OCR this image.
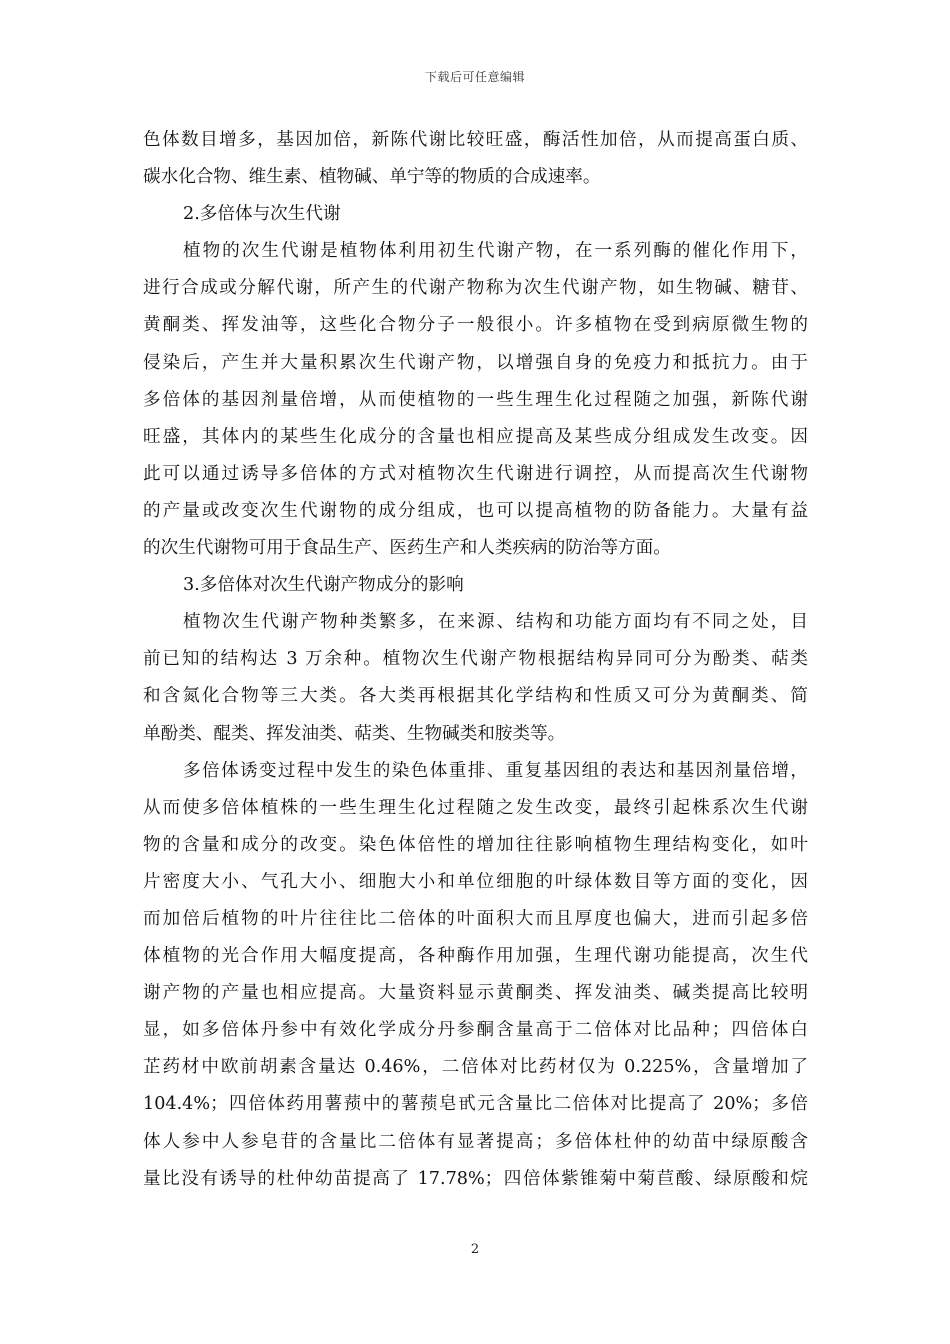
下载后可任意编辑
色体数目增多，基因加倍，新陈代谢比较旺盛，酶活性加倍，从而提高蛋白质、
碳水化合物、维生素、植物碱、单宁等的物质的合成速率。
2.多倍体与次生代谢
植物的次生代谢是植物体利用初生代谢产物，在一系列酶的催化作用下，
进行合成或分解代谢，所产生的代谢产物称为次生代谢产物，如生物碱、糖苷、
黄酮类、挥发油等，这些化合物分子一般很小。许多植物在受到病原微生物的
侵染后，产生并大量积累次生代谢产物，以增强自身的免疫力和抵抗力。由于
多倍体的基因剂量倍增，从而使植物的一些生理生化过程随之加强，新陈代谢
旺盛，其体内的某些生化成分的含量也相应提高及某些成分组成发生改变。因
此可以通过诱导多倍体的方式对植物次生代谢进行调控，从而提高次生代谢物
的产量或改变次生代谢物的成分组成，也可以提高植物的防备能力。大量有益
的次生代谢物可用于食品生产、医药生产和人类疾病的防治等方面。
3.多倍体对次生代谢产物成分的影响
植物次生代谢产物种类繁多，在来源、结构和功能方面均有不同之处，目
前已知的结构达 3 万余种。植物次生代谢产物根据结构异同可分为酚类、萜类
和含氮化合物等三大类。各大类再根据其化学结构和性质又可分为黄酮类、简
单酚类、醌类、挥发油类、萜类、生物碱类和胺类等。
多倍体诱变过程中发生的染色体重排、重复基因组的表达和基因剂量倍增，
从而使多倍体植株的一些生理生化过程随之发生改变，最终引起株系次生代谢
物的含量和成分的改变。染色体倍性的增加往往影响植物生理结构变化，如叶
片密度大小、气孔大小、细胞大小和单位细胞的叶绿体数目等方面的变化，因
而加倍后植物的叶片往往比二倍体的叶面积大而且厚度也偏大，进而引起多倍
体植物的光合作用大幅度提高，各种酶作用加强，生理代谢功能提高，次生代
谢产物的产量也相应提高。大量资料显示黄酮类、挥发油类、碱类提高比较明
显，如多倍体丹参中有效化学成分丹参酮含量高于二倍体对比品种；四倍体白
芷药材中欧前胡素含量达 0.46%，二倍体对比药材仅为 0.225%，含量增加了
104.4%；四倍体药用薯蓣中的薯蓣皂甙元含量比二倍体对比提高了 20%；多倍
体人参中人参皂苷的含量比二倍体有显著提高；多倍体杜仲的幼苗中绿原酸含
量比没有诱导的杜仲幼苗提高了 17.78%；四倍体紫锥菊中菊苣酸、绿原酸和烷
2
